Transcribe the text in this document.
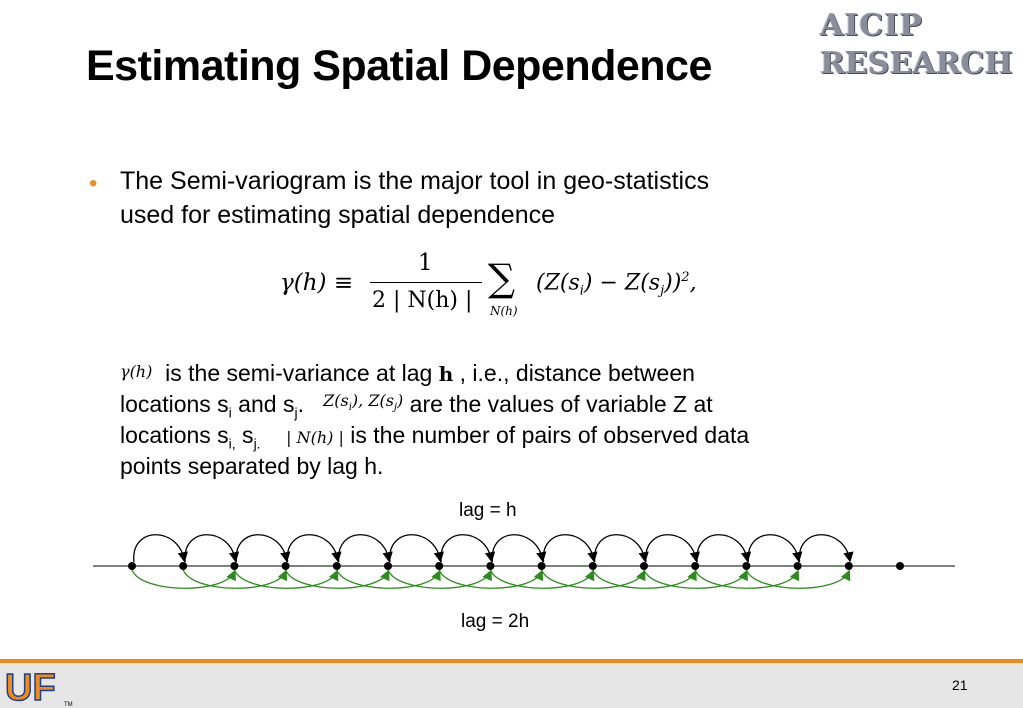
Estimating Spatial Dependence
AICIP
RESEARCH
• The Semi-variogram is the major tool in geo-statistics
used for estimating spatial dependence
γ(h) ≡
1
2 | N(h) |
∑
N(h)
$(Z(s_i) - Z(s_j))^2$,
γ(h) is the semi-variance at lag h , i.e., distance between
locations $s_i$ and $s_j$. $^{Z(s_i), Z(s_j)}$ are the values of variable Z at
locations $s_{i,}$ $s_{j.}$ | N(h) | is the number of pairs of observed data
points separated by lag h.
lag = h
lag = 2h
UF TM
21
